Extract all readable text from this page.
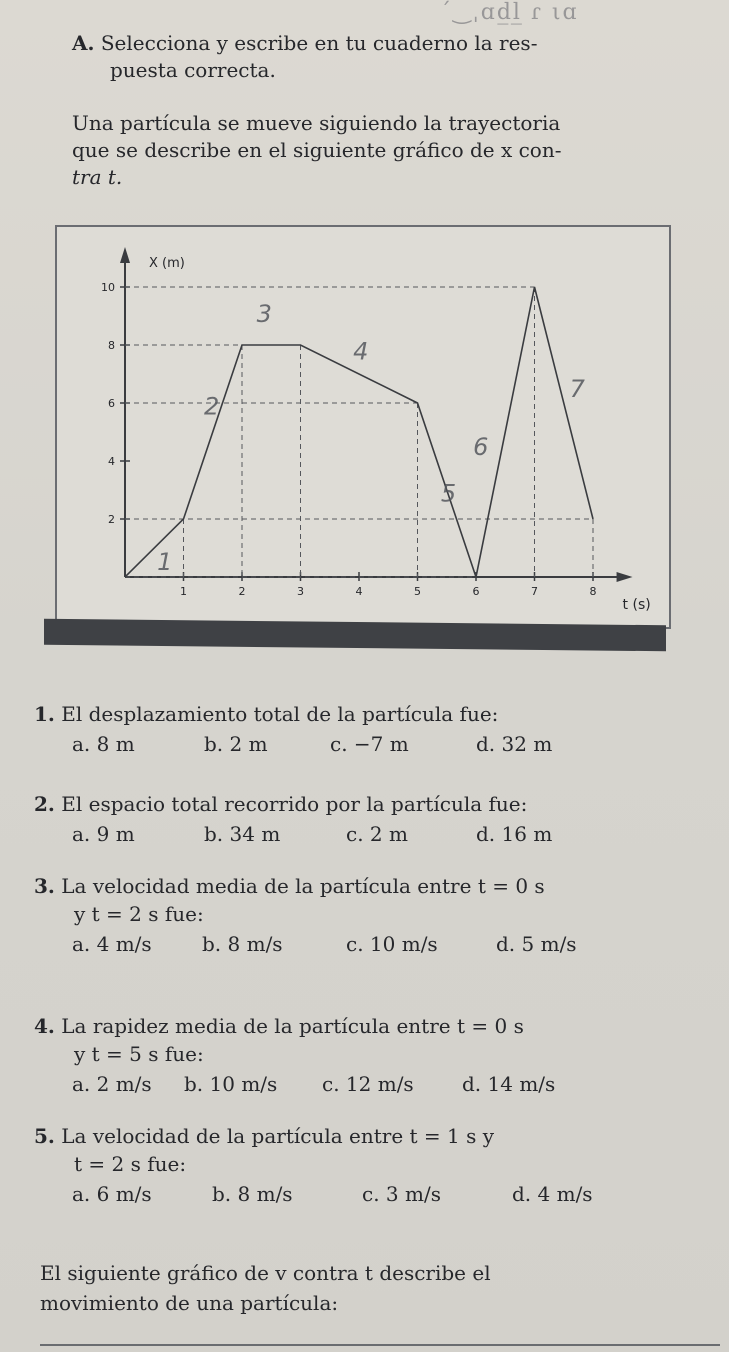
ˊ‿ˌɑd̲l̲ ɾ ιɑ
A. Selecciona y escribe en tu cuaderno la res-
puesta correcta.
Una partícula se mueve siguiendo la trayectoria
que se describe en el siguiente gráfico de x con-
tra t.
X (m)
t (s)
10
8
6
4
2
1	2	3	4	5	6	7	8
1
2
3
4
5
6
7
1. El desplazamiento total de la partícula fue:
a. 8 m	b. 2 m	c. −7 m	d. 32 m
2. El espacio total recorrido por la partícula fue:
a. 9 m	b. 34 m	c. 2 m	d. 16 m
3. La velocidad media de la partícula entre t = 0 s
y t = 2 s fue:
a. 4 m/s	b. 8 m/s	c. 10 m/s	d. 5 m/s
4. La rapidez media de la partícula entre t = 0 s
y t = 5 s fue:
a. 2 m/s	b. 10 m/s	c. 12 m/s	d. 14 m/s
5. La velocidad de la partícula entre t = 1 s y
t = 2 s fue:
a. 6 m/s	b. 8 m/s	c. 3 m/s	d. 4 m/s
El siguiente gráfico de v contra t describe el
movimiento de una partícula:
